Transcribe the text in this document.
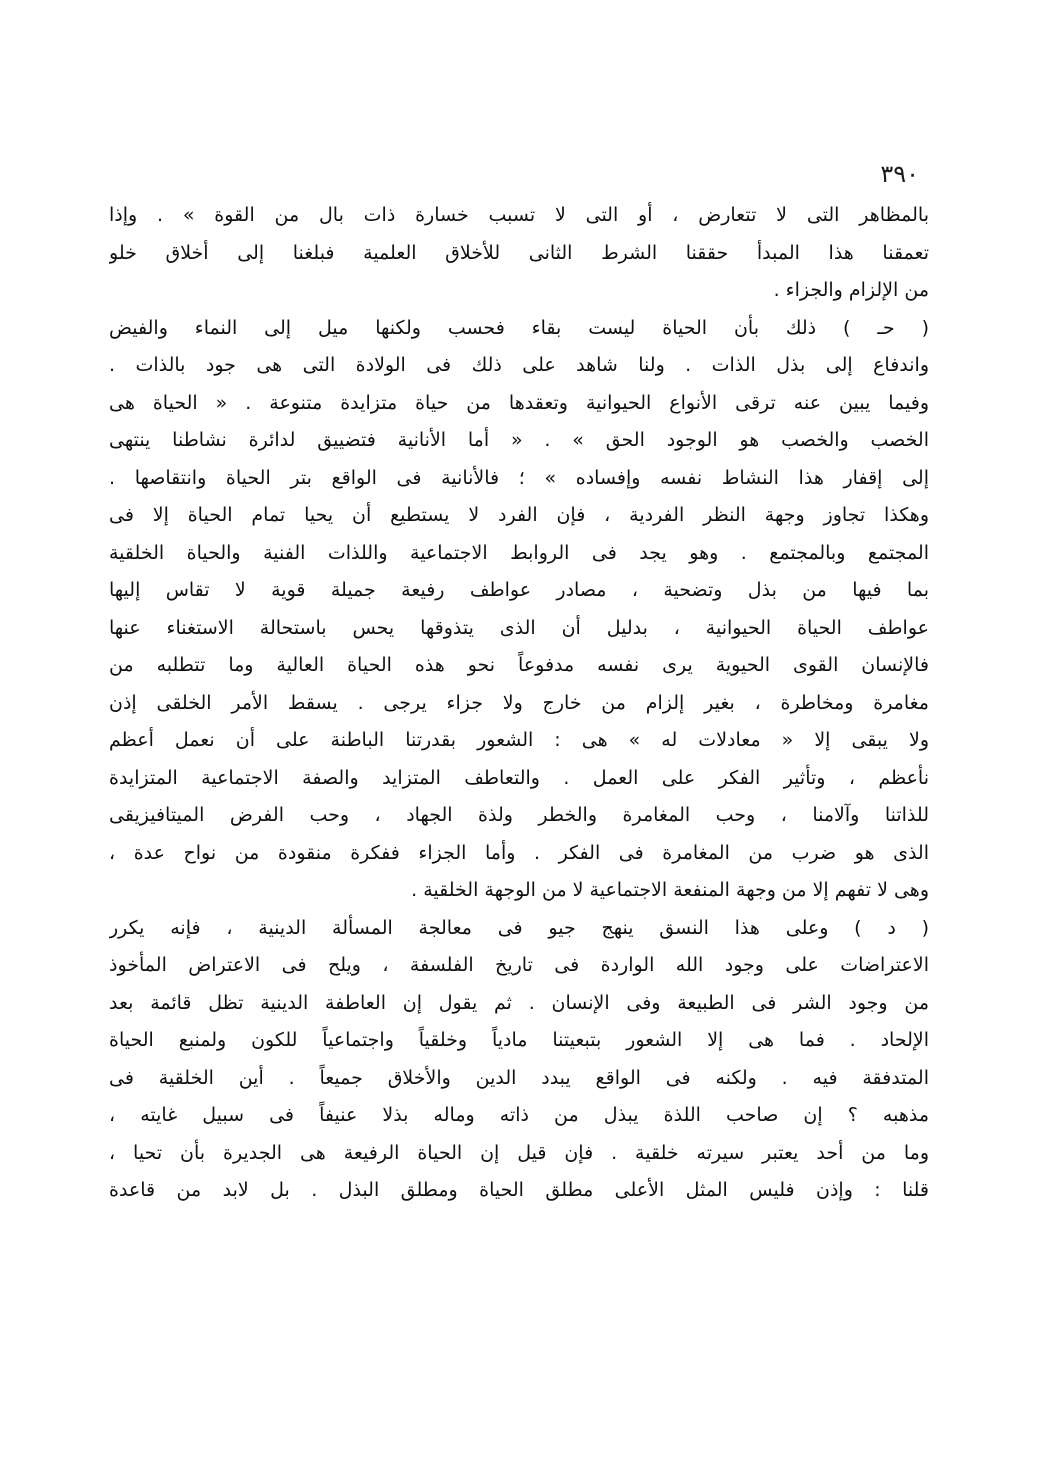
٣٩٠
بالمظاهر التى لا تتعارض ، أو التى لا تسبب خسارة ذات بال من القوة » . وإذا
تعمقنا هذا المبدأ حققنا الشرط الثانى للأخلاق العلمية فبلغنا إلى أخلاق خلو
من الإلزام والجزاء .
( حـ ) ذلك بأن الحياة ليست بقاء فحسب ولكنها ميل إلى النماء والفيض
واندفاع إلى بذل الذات . ولنا شاهد على ذلك فى الولادة التى هى جود بالذات .
وفيما يبين عنه ترقى الأنواع الحيوانية وتعقدها من حياة متزايدة متنوعة . « الحياة هى
الخصب والخصب هو الوجود الحق » . « أما الأنانية فتضييق لدائرة نشاطنا ينتهى
إلى إقفار هذا النشاط نفسه وإفساده » ؛ فالأنانية فى الواقع بتر الحياة وانتقاصها .
وهكذا تجاوز وجهة النظر الفردية ، فإن الفرد لا يستطيع أن يحيا تمام الحياة إلا فى
المجتمع وبالمجتمع . وهو يجد فى الروابط الاجتماعية واللذات الفنية والحياة الخلقية
بما فيها من بذل وتضحية ، مصادر عواطف رفيعة جميلة قوية لا تقاس إليها
عواطف الحياة الحيوانية ، بدليل أن الذى يتذوقها يحس باستحالة الاستغناء عنها
فالإنسان القوى الحيوية يرى نفسه مدفوعاً نحو هذه الحياة العالية وما تتطلبه من
مغامرة ومخاطرة ، بغير إلزام من خارج ولا جزاء يرجى . يسقط الأمر الخلقى إذن
ولا يبقى إلا « معادلات له » هى : الشعور بقدرتنا الباطنة على أن نعمل أعظم
نأعظم ، وتأثير الفكر على العمل . والتعاطف المتزايد والصفة الاجتماعية المتزايدة
للذاتنا وآلامنا ، وحب المغامرة والخطر ولذة الجهاد ، وحب الفرض الميتافيزيقى
الذى هو ضرب من المغامرة فى الفكر . وأما الجزاء ففكرة منقودة من نواح عدة ،
وهى لا تفهم إلا من وجهة المنفعة الاجتماعية لا من الوجهة الخلقية .
( د ) وعلى هذا النسق ينهج جيو فى معالجة المسألة الدينية ، فإنه يكرر
الاعتراضات على وجود الله الواردة فى تاريخ الفلسفة ، ويلح فى الاعتراض المأخوذ
من وجود الشر فى الطبيعة وفى الإنسان . ثم يقول إن العاطفة الدينية تظل قائمة بعد
الإلحاد . فما هى إلا الشعور بتبعيتنا مادياً وخلقياً واجتماعياً للكون ولمنبع الحياة
المتدفقة فيه . ولكنه فى الواقع يبدد الدين والأخلاق جميعاً . أين الخلقية فى
مذهبه ؟ إن صاحب اللذة يبذل من ذاته وماله بذلا عنيفاً فى سبيل غايته ،
وما من أحد يعتبر سيرته خلقية . فإن قيل إن الحياة الرفيعة هى الجديرة بأن تحيا ،
قلنا : وإذن فليس المثل الأعلى مطلق الحياة ومطلق البذل . بل لابد من قاعدة
